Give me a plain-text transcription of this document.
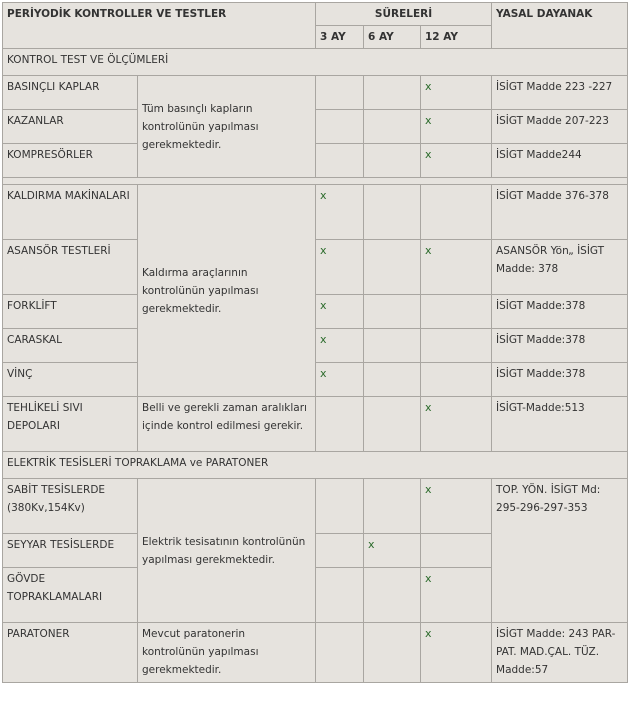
PERİYODİK KONTROLLER VE TESTLER		SÜRELERİ			YASAL DAYANAK
		3 AY	6 AY	12 AY	
KONTROL TEST VE ÖLÇÜMLERİ					
BASINÇLI KAPLAR	Tüm basınçlı kapların kontrolünün yapılması gerekmektedir.			x	İSİGT Madde 223 -227
KAZANLAR				x	İSİGT Madde 207-223
KOMPRESÖRLER				x	İSİGT Madde244

KALDIRMA MAKİNALARI	Kaldırma araçlarının kontrolünün yapılması gerekmektedir.	x			İSİGT Madde 376-378
ASANSÖR TESTLERİ		x		x	ASANSÖR Yön„ İSİGT Madde: 378
FORKLİFT		x			İSİGT Madde:378
CARASKAL		x			İSİGT Madde:378
VİNÇ		x			İSİGT Madde:378
TEHLİKELİ SIVI DEPOLARI	Belli ve gerekli zaman aralıkları içinde kontrol edilmesi gerekir.			x	İSİGT-Madde:513
ELEKTRİK TESİSLERİ TOPRAKLAMA ve PARATONER					
SABİT TESİSLERDE (380Kv,154Kv)	Elektrik tesisatının kontrolünün yapılması gerekmektedir.			x	TOP. YÖN. İSİGT Md: 295-296-297-353
SEYYAR TESİSLERDE			x		
GÖVDE TOPRAKLAMALARI				x	
PARATONER	Mevcut paratonerin kontrolünün yapılması gerekmektedir.			x	İSİGT Madde: 243 PAR-PAT. MAD.ÇAL. TÜZ. Madde:57
